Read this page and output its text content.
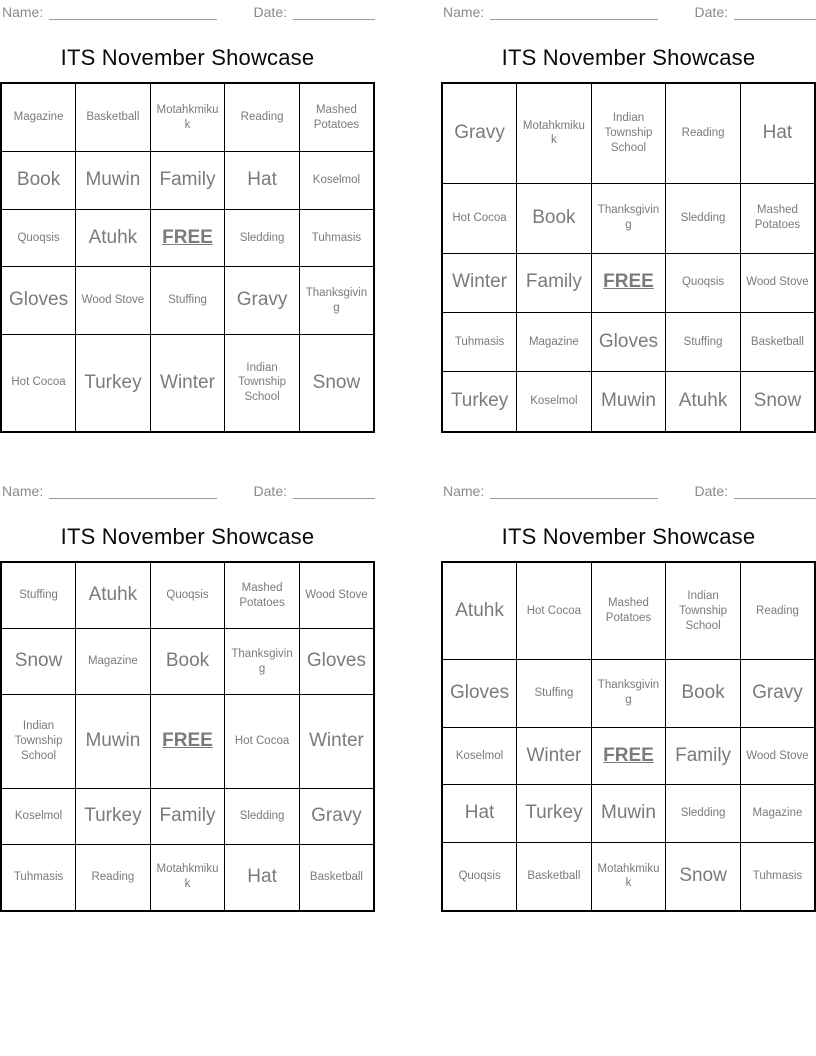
Name:	Date:
ITS November Showcase
Magazine	Basketball	Motahkmikuk	Reading	Mashed Potatoes
Book	Muwin	Family	Hat	Koselmol
Quoqsis	Atuhk	FREE	Sledding	Tuhmasis
Gloves	Wood Stove	Stuffing	Gravy	Thanksgiving
Hot Cocoa	Turkey	Winter	Indian Township School	Snow
Name:	Date:
ITS November Showcase
Gravy	Motahkmikuk	Indian Township School	Reading	Hat
Hot Cocoa	Book	Thanksgiving	Sledding	Mashed Potatoes
Winter	Family	FREE	Quoqsis	Wood Stove
Tuhmasis	Magazine	Gloves	Stuffing	Basketball
Turkey	Koselmol	Muwin	Atuhk	Snow
Name:	Date:
ITS November Showcase
Stuffing	Atuhk	Quoqsis	Mashed Potatoes	Wood Stove
Snow	Magazine	Book	Thanksgiving	Gloves
Indian Township School	Muwin	FREE	Hot Cocoa	Winter
Koselmol	Turkey	Family	Sledding	Gravy
Tuhmasis	Reading	Motahkmikuk	Hat	Basketball
Name:	Date:
ITS November Showcase
Atuhk	Hot Cocoa	Mashed Potatoes	Indian Township School	Reading
Gloves	Stuffing	Thanksgiving	Book	Gravy
Koselmol	Winter	FREE	Family	Wood Stove
Hat	Turkey	Muwin	Sledding	Magazine
Quoqsis	Basketball	Motahkmikuk	Snow	Tuhmasis
